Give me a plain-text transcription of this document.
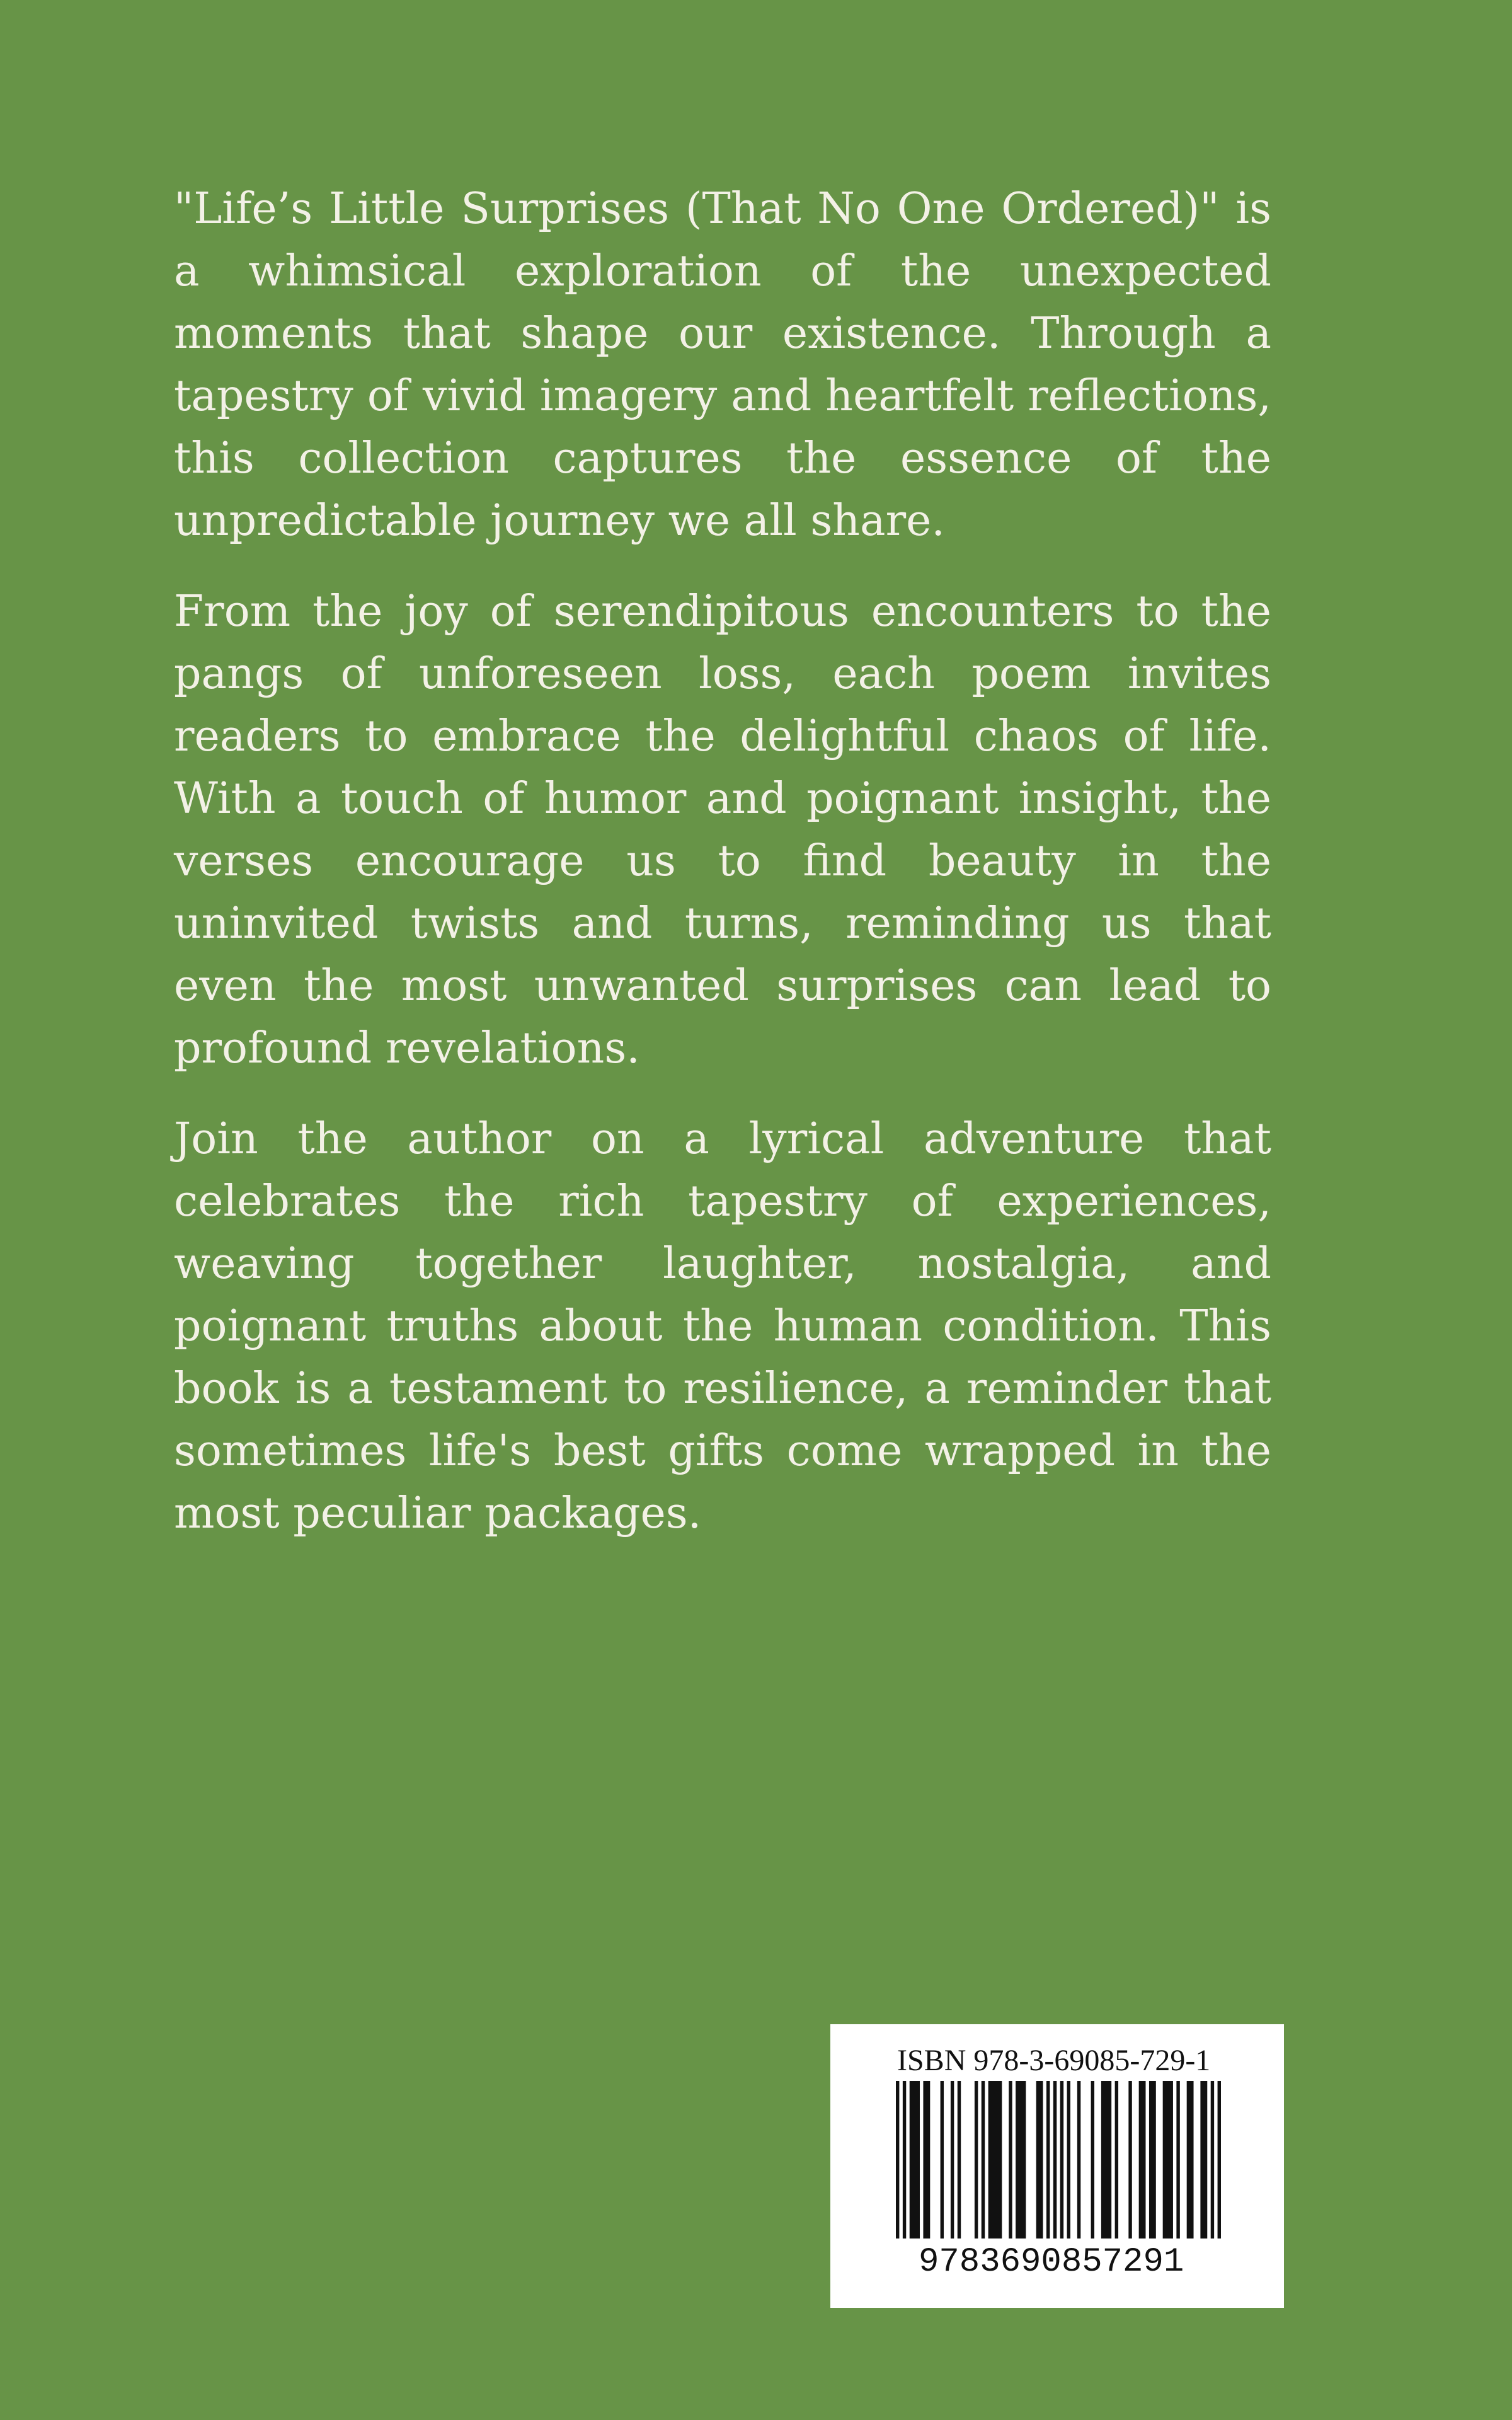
"Life’s Little Surprises (That No One Ordered)" is a whimsical exploration of the unexpected moments that shape our existence. Through a tapestry of vivid imagery and heartfelt reflections, this collection captures the essence of the unpredictable journey we all share.

From the joy of serendipitous encounters to the pangs of unforeseen loss, each poem invites readers to embrace the delightful chaos of life. With a touch of humor and poignant insight, the verses encourage us to find beauty in the uninvited twists and turns, reminding us that even the most unwanted surprises can lead to profound revelations.

Join the author on a lyrical adventure that celebrates the rich tapestry of experiences, weaving together laughter, nostalgia, and poignant truths about the human condition. This book is a testament to resilience, a reminder that sometimes life's best gifts come wrapped in the most peculiar packages.

ISBN 978-3-69085-729-1
9783690857291
